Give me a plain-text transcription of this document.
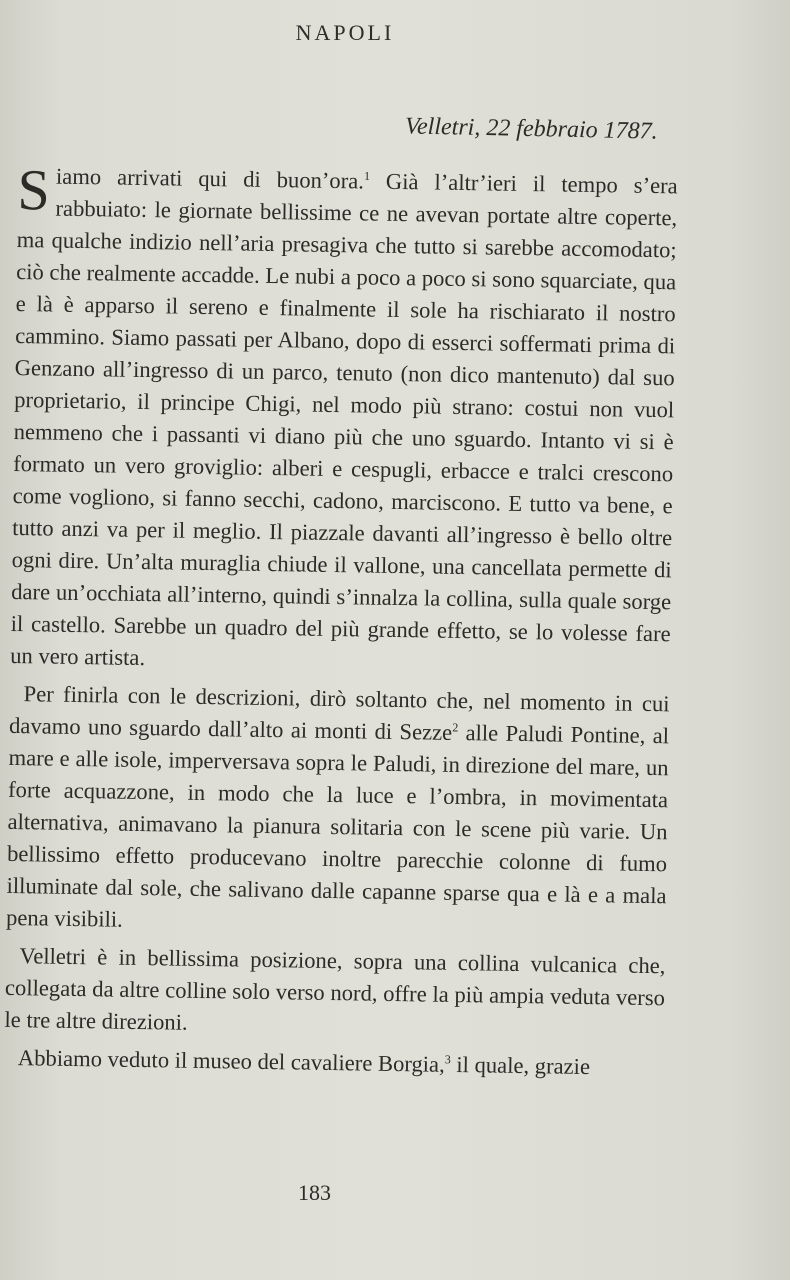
NAPOLI
Velletri, 22 febbraio 1787.

Siamo arrivati qui di buon’ora.$^1$ Già l’altr’ieri il tempo s’era rabbuiato: le giornate bellissime ce ne avevan portate altre coperte, ma qualche indizio nell’aria presagiva che tutto si sarebbe accomodato; ciò che realmente accadde. Le nubi a poco a poco si sono squarciate, qua e là è apparso il sereno e finalmente il sole ha rischiarato il nostro cammino. Siamo passati per Albano, dopo di esserci soffermati prima di Genzano all’ingresso di un parco, tenuto (non dico mantenuto) dal suo proprietario, il principe Chigi, nel modo più strano: costui non vuol nemmeno che i passanti vi diano più che uno sguardo. Intanto vi si è formato un vero groviglio: alberi e cespugli, erbacce e tralci crescono come vogliono, si fanno secchi, cadono, marciscono. E tutto va bene, e tutto anzi va per il meglio. Il piazzale davanti all’ingresso è bello oltre ogni dire. Un’alta muraglia chiude il vallone, una cancellata permette di dare un’occhiata all’interno, quindi s’innalza la collina, sulla quale sorge il castello. Sarebbe un quadro del più grande effetto, se lo volesse fare un vero artista.

Per finirla con le descrizioni, dirò soltanto che, nel momento in cui davamo uno sguardo dall’alto ai monti di Sezze$^2$ alle Paludi Pontine, al mare e alle isole, imperversava sopra le Paludi, in direzione del mare, un forte acquazzone, in modo che la luce e l’ombra, in movimentata alternativa, animavano la pianura solitaria con le scene più varie. Un bellissimo effetto producevano inoltre parecchie colonne di fumo illuminate dal sole, che salivano dalle capanne sparse qua e là e a mala pena visibili.

Velletri è in bellissima posizione, sopra una collina vulcanica che, collegata da altre colline solo verso nord, offre la più ampia veduta verso le tre altre direzioni.

Abbiamo veduto il museo del cavaliere Borgia,$^3$ il quale, grazie

183
